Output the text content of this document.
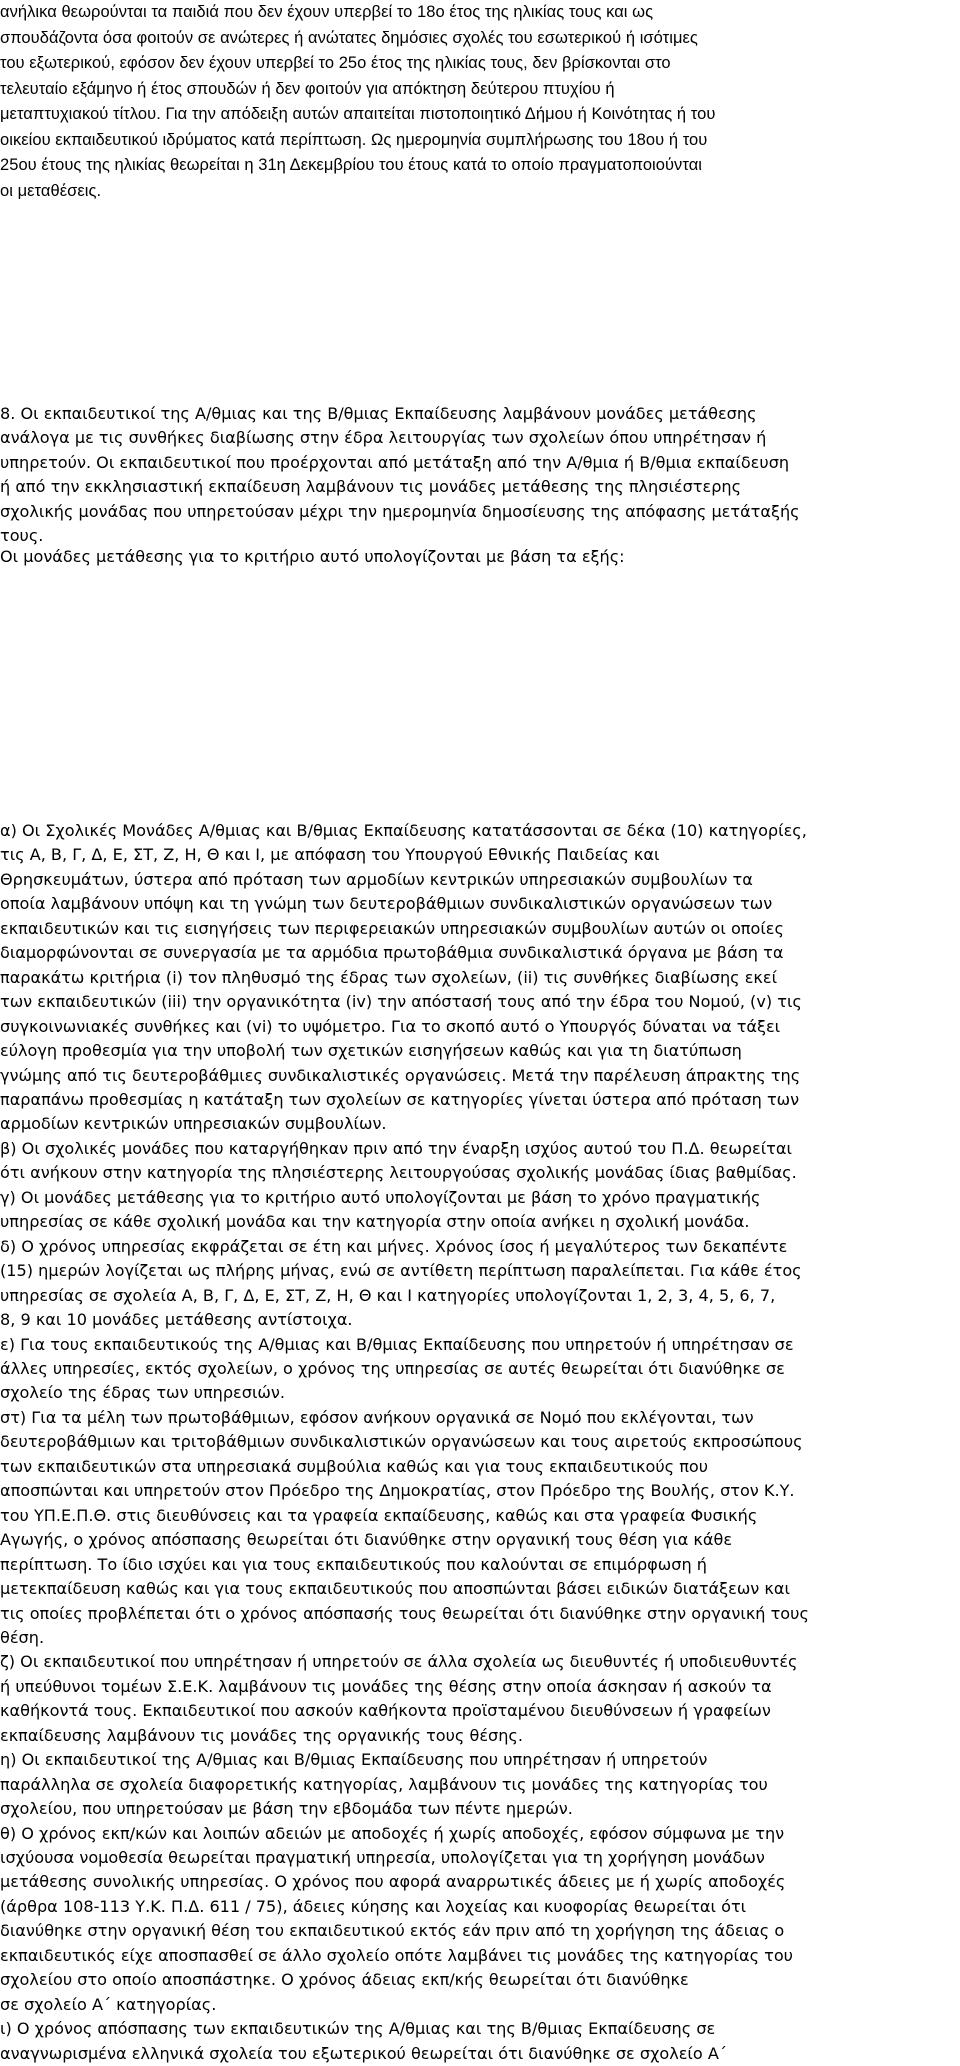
ανήλικα θεωρούνται τα παιδιά που δεν έχουν υπερβεί το 18ο έτος της ηλικίας τους και ως
σπουδάζοντα όσα φοιτούν σε ανώτερες ή ανώτατες δημόσιες σχολές του εσωτερικού ή ισότιμες
του εξωτερικού, εφόσον δεν έχουν υπερβεί το 25ο έτος της ηλικίας τους, δεν βρίσκονται στο
τελευταίο εξάμηνο ή έτος σπουδών ή δεν φοιτούν για απόκτηση δεύτερου πτυχίου ή
μεταπτυχιακού τίτλου. Για την απόδειξη αυτών απαιτείται πιστοποιητικό Δήμου ή Κοινότητας ή του
οικείου εκπαιδευτικού ιδρύματος κατά περίπτωση. Ως ημερομηνία συμπλήρωσης του 18ου ή του
25ου έτους της ηλικίας θεωρείται η 31η Δεκεμβρίου του έτους κατά το οποίο πραγματοποιούνται
οι μεταθέσεις.
8. Οι εκπαιδευτικοί της Α/θμιας και της Β/θμιας Εκπαίδευσης λαμβάνουν μονάδες μετάθεσης
ανάλογα με τις συνθήκες διαβίωσης στην έδρα λειτουργίας των σχολείων όπου υπηρέτησαν ή
υπηρετούν. Οι εκπαιδευτικοί που προέρχονται από μετάταξη από την Α/θμια ή Β/θμια εκπαίδευση
ή από την εκκλησιαστική εκπαίδευση λαμβάνουν τις μονάδες μετάθεσης της πλησιέστερης
σχολικής μονάδας που υπηρετούσαν μέχρι την ημερομηνία δημοσίευσης της απόφασης μετάταξής
τους.
Οι μονάδες μετάθεσης για το κριτήριο αυτό υπολογίζονται με βάση τα εξής:
α) Οι Σχολικές Μονάδες Α/θμιας και Β/θμιας Εκπαίδευσης κατατάσσονται σε δέκα (10) κατηγορίες,
τις Α, Β, Γ, Δ, Ε, ΣΤ, Ζ, Η, Θ και Ι, με απόφαση του Υπουργού Εθνικής Παιδείας και
Θρησκευμάτων, ύστερα από πρόταση των αρμοδίων κεντρικών υπηρεσιακών συμβουλίων τα
οποία λαμβάνουν υπόψη και τη γνώμη των δευτεροβάθμιων συνδικαλιστικών οργανώσεων των
εκπαιδευτικών και τις εισηγήσεις των περιφερειακών υπηρεσιακών συμβουλίων αυτών οι οποίες
διαμορφώνονται σε συνεργασία με τα αρμόδια πρωτοβάθμια συνδικαλιστικά όργανα με βάση τα
παρακάτω κριτήρια (i) τον πληθυσμό της έδρας των σχολείων, (ii) τις συνθήκες διαβίωσης εκεί
των εκπαιδευτικών (iii) την οργανικότητα (iv) την απόστασή τους από την έδρα του Νομού, (v) τις
συγκοινωνιακές συνθήκες και (vi) το υψόμετρο. Για το σκοπό αυτό ο Υπουργός δύναται να τάξει
εύλογη προθεσμία για την υποβολή των σχετικών εισηγήσεων καθώς και για τη διατύπωση
γνώμης από τις δευτεροβάθμιες συνδικαλιστικές οργανώσεις. Μετά την παρέλευση άπρακτης της
παραπάνω προθεσμίας η κατάταξη των σχολείων σε κατηγορίες γίνεται ύστερα από πρόταση των
αρμοδίων κεντρικών υπηρεσιακών συμβουλίων.
β) Οι σχολικές μονάδες που καταργήθηκαν πριν από την έναρξη ισχύος αυτού του Π.Δ. θεωρείται
ότι ανήκουν στην κατηγορία της πλησιέστερης λειτουργούσας σχολικής μονάδας ίδιας βαθμίδας.
γ) Οι μονάδες μετάθεσης για το κριτήριο αυτό υπολογίζονται με βάση το χρόνο πραγματικής
υπηρεσίας σε κάθε σχολική μονάδα και την κατηγορία στην οποία ανήκει η σχολική μονάδα.
δ) Ο χρόνος υπηρεσίας εκφράζεται σε έτη και μήνες. Χρόνος ίσος ή μεγαλύτερος των δεκαπέντε
(15) ημερών λογίζεται ως πλήρης μήνας, ενώ σε αντίθετη περίπτωση παραλείπεται. Για κάθε έτος
υπηρεσίας σε σχολεία Α, Β, Γ, Δ, Ε, ΣΤ, Ζ, Η, Θ και Ι κατηγορίες υπολογίζονται 1, 2, 3, 4, 5, 6, 7,
8, 9 και 10 μονάδες μετάθεσης αντίστοιχα.
ε) Για τους εκπαιδευτικούς της Α/θμιας και Β/θμιας Εκπαίδευσης που υπηρετούν ή υπηρέτησαν σε
άλλες υπηρεσίες, εκτός σχολείων, ο χρόνος της υπηρεσίας σε αυτές θεωρείται ότι διανύθηκε σε
σχολείο της έδρας των υπηρεσιών.
στ) Για τα μέλη των πρωτοβάθμιων, εφόσον ανήκουν οργανικά σε Νομό που εκλέγονται, των
δευτεροβάθμιων και τριτοβάθμιων συνδικαλιστικών οργανώσεων και τους αιρετούς εκπροσώπους
των εκπαιδευτικών στα υπηρεσιακά συμβούλια καθώς και για τους εκπαιδευτικούς που
αποσπώνται και υπηρετούν στον Πρόεδρο της Δημοκρατίας, στον Πρόεδρο της Βουλής, στον Κ.Υ.
του ΥΠ.Ε.Π.Θ. στις διευθύνσεις και τα γραφεία εκπαίδευσης, καθώς και στα γραφεία Φυσικής
Αγωγής, ο χρόνος απόσπασης θεωρείται ότι διανύθηκε στην οργανική τους θέση για κάθε
περίπτωση. Το ίδιο ισχύει και για τους εκπαιδευτικούς που καλούνται σε επιμόρφωση ή
μετεκπαίδευση καθώς και για τους εκπαιδευτικούς που αποσπώνται βάσει ειδικών διατάξεων και
τις οποίες προβλέπεται ότι ο χρόνος απόσπασής τους θεωρείται ότι διανύθηκε στην οργανική τους
θέση.
ζ) Οι εκπαιδευτικοί που υπηρέτησαν ή υπηρετούν σε άλλα σχολεία ως διευθυντές ή υποδιευθυντές
ή υπεύθυνοι τομέων Σ.Ε.Κ. λαμβάνουν τις μονάδες της θέσης στην οποία άσκησαν ή ασκούν τα
καθήκοντά τους. Εκπαιδευτικοί που ασκούν καθήκοντα προϊσταμένου διευθύνσεων ή γραφείων
εκπαίδευσης λαμβάνουν τις μονάδες της οργανικής τους θέσης.
η) Οι εκπαιδευτικοί της Α/θμιας και Β/θμιας Εκπαίδευσης που υπηρέτησαν ή υπηρετούν
παράλληλα σε σχολεία διαφορετικής κατηγορίας, λαμβάνουν τις μονάδες της κατηγορίας του
σχολείου, που υπηρετούσαν με βάση την εβδομάδα των πέντε ημερών.
θ) Ο χρόνος εκπ/κών και λοιπών αδειών με αποδοχές ή χωρίς αποδοχές, εφόσον σύμφωνα με την
ισχύουσα νομοθεσία θεωρείται πραγματική υπηρεσία, υπολογίζεται για τη χορήγηση μονάδων
μετάθεσης συνολικής υπηρεσίας. Ο χρόνος που αφορά αναρρωτικές άδειες με ή χωρίς αποδοχές
(άρθρα 108-113 Υ.Κ. Π.Δ. 611 / 75), άδειες κύησης και λοχείας και κυοφορίας θεωρείται ότι
διανύθηκε στην οργανική θέση του εκπαιδευτικού εκτός εάν πριν από τη χορήγηση της άδειας ο
εκπαιδευτικός είχε αποσπασθεί σε άλλο σχολείο οπότε λαμβάνει τις μονάδες της κατηγορίας του
σχολείου στο οποίο αποσπάστηκε. Ο χρόνος άδειας εκπ/κής θεωρείται ότι διανύθηκε
σε σχολείο Α΄ κατηγορίας.
ι) Ο χρόνος απόσπασης των εκπαιδευτικών της Α/θμιας και της Β/θμιας Εκπαίδευσης σε
αναγνωρισμένα ελληνικά σχολεία του εξωτερικού θεωρείται ότι διανύθηκε σε σχολείο Α΄
